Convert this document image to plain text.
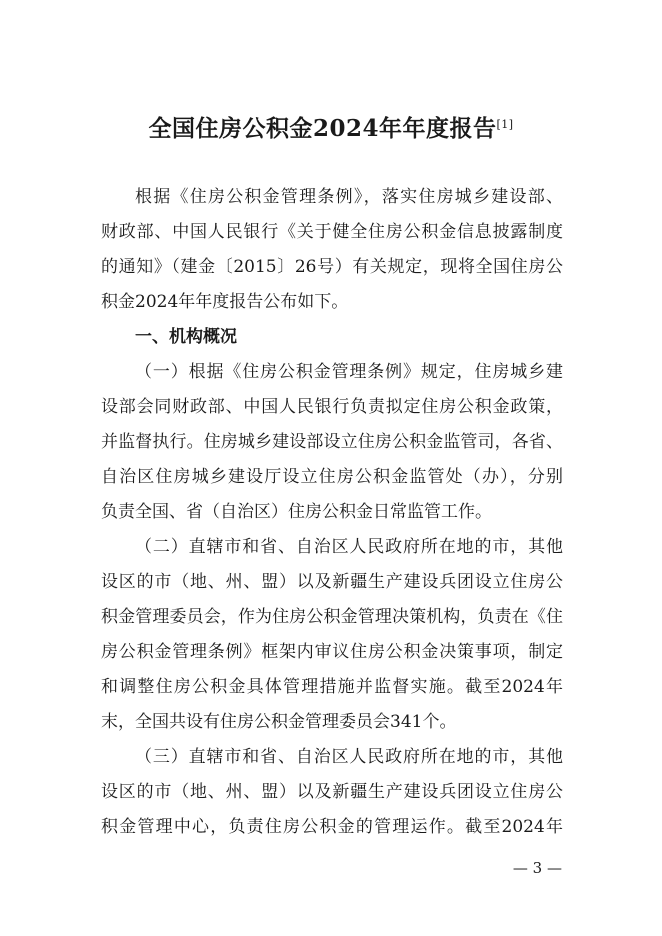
全国住房公积金2024年年度报告[1]
根据《住房公积金管理条例》，落实住房城乡建设部、
财政部、中国人民银行《关于健全住房公积金信息披露制度
的通知》（建金〔2015〕26号）有关规定，现将全国住房公
积金2024年年度报告公布如下。
一、机构概况
（一）根据《住房公积金管理条例》规定，住房城乡建
设部会同财政部、中国人民银行负责拟定住房公积金政策，
并监督执行。住房城乡建设部设立住房公积金监管司，各省、
自治区住房城乡建设厅设立住房公积金监管处（办），分别
负责全国、省（自治区）住房公积金日常监管工作。
（二）直辖市和省、自治区人民政府所在地的市，其他
设区的市（地、州、盟）以及新疆生产建设兵团设立住房公
积金管理委员会，作为住房公积金管理决策机构，负责在《住
房公积金管理条例》框架内审议住房公积金决策事项，制定
和调整住房公积金具体管理措施并监督实施。截至2024年
末，全国共设有住房公积金管理委员会341个。
（三）直辖市和省、自治区人民政府所在地的市，其他
设区的市（地、州、盟）以及新疆生产建设兵团设立住房公
积金管理中心，负责住房公积金的管理运作。截至2024年
— 3 —
